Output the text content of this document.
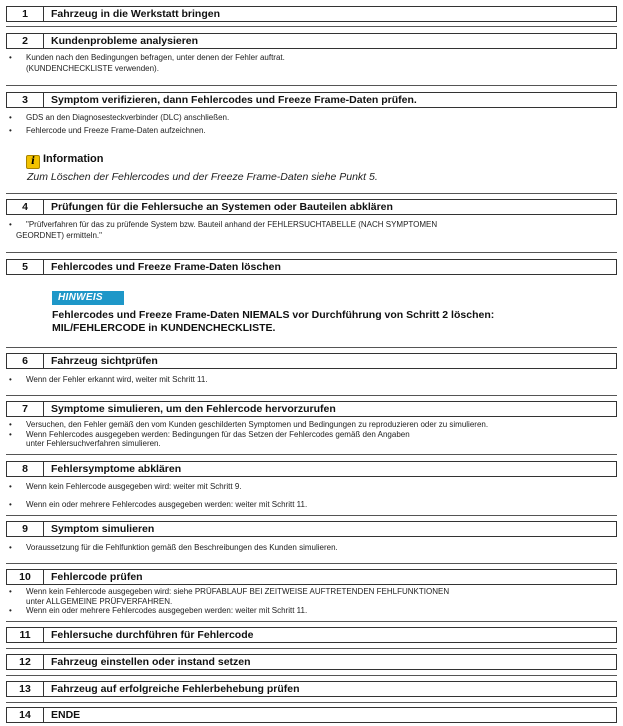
1	Fahrzeug in die Werkstatt bringen
2	Kundenprobleme analysieren
• Kunden nach den Bedingungen befragen, unter denen der Fehler auftrat.
(KUNDENCHECKLISTE verwenden).
3	Symptom verifizieren, dann Fehlercodes und Freeze Frame-Daten prüfen.
• GDS an den Diagnosesteckverbinder (DLC) anschließen.
• Fehlercode und Freeze Frame-Daten aufzeichnen.
i Information
Zum Löschen der Fehlercodes und der Freeze Frame-Daten siehe Punkt 5.
4	Prüfungen für die Fehlersuche an Systemen oder Bauteilen abklären
• "Prüfverfahren für das zu prüfende System bzw. Bauteil anhand der FEHLERSUCHTABELLE (NACH SYMPTOMEN
GEORDNET) ermitteln."
5	Fehlercodes und Freeze Frame-Daten löschen
HINWEIS
Fehlercodes und Freeze Frame-Daten NIEMALS vor Durchführung von Schritt 2 löschen:
MIL/FEHLERCODE in KUNDENCHECKLISTE.
6	Fahrzeug sichtprüfen
• Wenn der Fehler erkannt wird, weiter mit Schritt 11.
7	Symptome simulieren, um den Fehlercode hervorzurufen
• Versuchen, den Fehler gemäß den vom Kunden geschilderten Symptomen und Bedingungen zu reproduzieren oder zu simulieren.
• Wenn Fehlercodes ausgegeben werden: Bedingungen für das Setzen der Fehlercodes gemäß den Angaben
unter Fehlersuchverfahren simulieren.
8	Fehlersymptome abklären
• Wenn kein Fehlercode ausgegeben wird: weiter mit Schritt 9.
• Wenn ein oder mehrere Fehlercodes ausgegeben werden: weiter mit Schritt 11.
9	Symptom simulieren
• Voraussetzung für die Fehlfunktion gemäß den Beschreibungen des Kunden simulieren.
10	Fehlercode prüfen
• Wenn kein Fehlercode ausgegeben wird: siehe PRÜFABLAUF BEI ZEITWEISE AUFTRETENDEN FEHLFUNKTIONEN
unter ALLGEMEINE PRÜFVERFAHREN.
• Wenn ein oder mehrere Fehlercodes ausgegeben werden: weiter mit Schritt 11.
11	Fehlersuche durchführen für Fehlercode
12	Fahrzeug einstellen oder instand setzen
13	Fahrzeug auf erfolgreiche Fehlerbehebung prüfen
14	ENDE
